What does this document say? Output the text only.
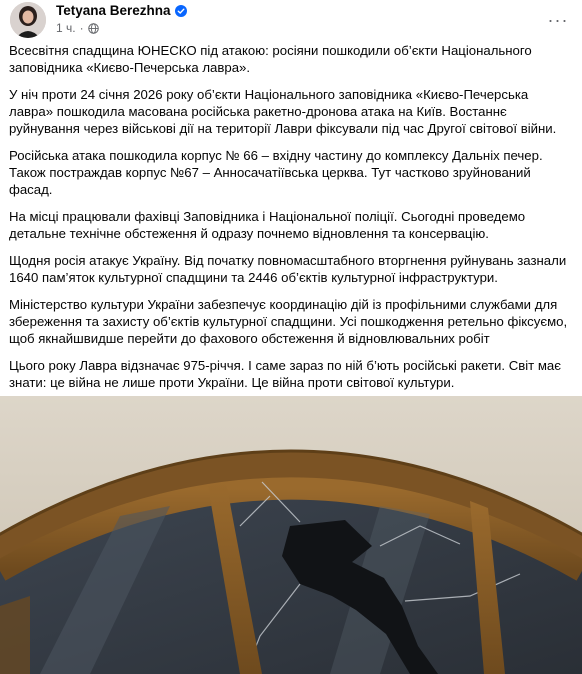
Tetyana Berezhna
1 ч. ·	···

Всесвітня спадщина ЮНЕСКО під атакою: росіяни пошкодили об’єкти Національного заповідника «Києво-Печерська лавра».

У ніч проти 24 січня 2026 року об’єкти Національного заповідника «Києво-Печерська лавра» пошкодила масована російська ракетно-дронова атака на Київ. Востаннє руйнування через військові дії на території Лаври фіксували під час Другої світової війни.

Російська атака пошкодила корпус № 66 – вхідну частину до комплексу Дальніх печер. Також постраждав корпус №67 – Анносачатіївська церква. Тут частково зруйнований фасад.

На місці працювали фахівці Заповідника і Національної поліції. Сьогодні проведемо детальне технічне обстеження й одразу почнемо відновлення та консервацію.

Щодня росія атакує Україну. Від початку повномасштабного вторгнення руйнувань зазнали 1640 пам’яток культурної спадщини та 2446 об’єктів культурної інфраструктури.

Міністерство культури України забезпечує координацію дій із профільними службами для збереження та захисту об’єктів культурної спадщини. Усі пошкодження ретельно фіксуємо, щоб якнайшвидше перейти до фахового обстеження й відновлювальних робіт

Цього року Лавра відзначає 975-річчя. І саме зараз по ній б’ють російські ракети. Світ має знати: це війна не лише проти України. Це війна проти світової культури.
